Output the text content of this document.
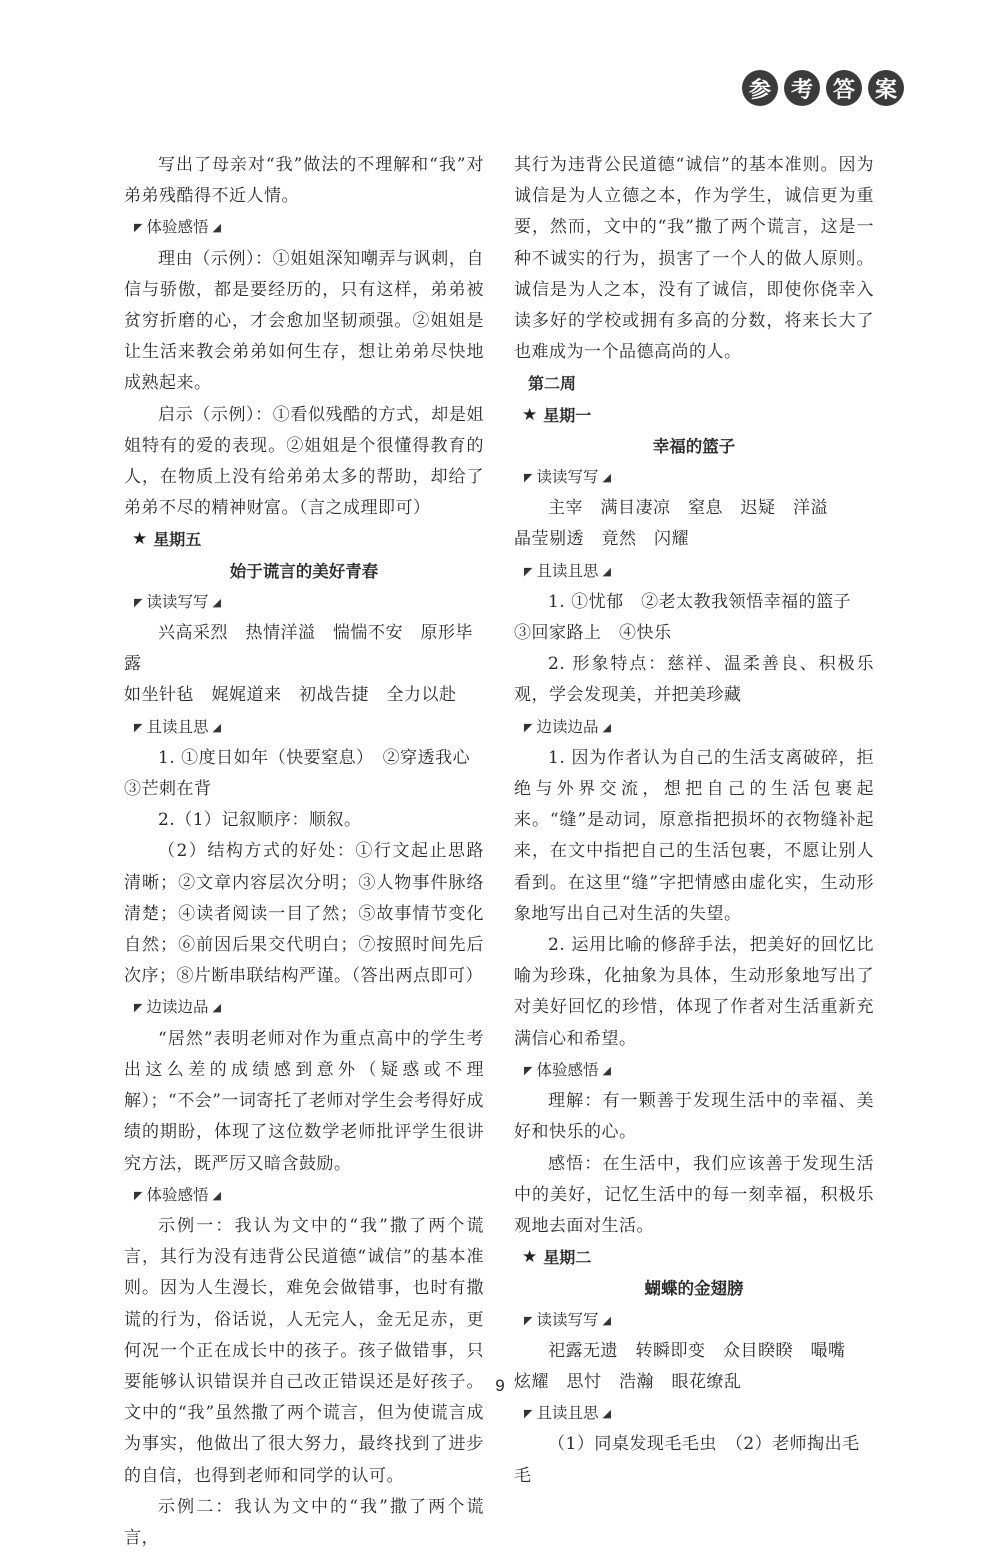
参 考 答 案

写出了母亲对“我”做法的不理解和“我”对弟弟残酷得不近人情。

◤ 体验感悟 ◢

理由（示例）：①姐姐深知嘲弄与讽刺，自信与骄傲，都是要经历的，只有这样，弟弟被贫穷折磨的心，才会愈加坚韧顽强。②姐姐是让生活来教会弟弟如何生存，想让弟弟尽快地成熟起来。

启示（示例）：①看似残酷的方式，却是姐姐特有的爱的表现。②姐姐是个很懂得教育的人，在物质上没有给弟弟太多的帮助，却给了弟弟不尽的精神财富。（言之成理即可）

★ 星期五

始于谎言的美好青春

◤ 读读写写 ◢

兴高采烈　热情洋溢　惴惴不安　原形毕露

如坐针毡　娓娓道来　初战告捷　全力以赴

◤ 且读且思 ◢

1. ①度日如年（快要窒息）　②穿透我心

③芒刺在背

2.（1）记叙顺序：顺叙。

（2）结构方式的好处：①行文起止思路清晰；②文章内容层次分明；③人物事件脉络清楚；④读者阅读一目了然；⑤故事情节变化自然；⑥前因后果交代明白；⑦按照时间先后次序；⑧片断串联结构严谨。（答出两点即可）

◤ 边读边品 ◢

“居然”表明老师对作为重点高中的学生考出这么差的成绩感到意外（疑惑或不理解）；“不会”一词寄托了老师对学生会考得好成绩的期盼，体现了这位数学老师批评学生很讲究方法，既严厉又暗含鼓励。

◤ 体验感悟 ◢

示例一：我认为文中的“我”撒了两个谎言，其行为没有违背公民道德“诚信”的基本准则。因为人生漫长，难免会做错事，也时有撒谎的行为，俗话说，人无完人，金无足赤，更何况一个正在成长中的孩子。孩子做错事，只要能够认识错误并自己改正错误还是好孩子。文中的“我”虽然撒了两个谎言，但为使谎言成为事实，他做出了很大努力，最终找到了进步的自信，也得到老师和同学的认可。

示例二：我认为文中的“我”撒了两个谎言，

其行为违背公民道德“诚信”的基本准则。因为诚信是为人立德之本，作为学生，诚信更为重要，然而，文中的“我”撒了两个谎言，这是一种不诚实的行为，损害了一个人的做人原则。诚信是为人之本，没有了诚信，即使你侥幸入读多好的学校或拥有多高的分数，将来长大了也难成为一个品德高尚的人。

第二周

★ 星期一

幸福的篮子

◤ 读读写写 ◢

主宰　满目凄凉　窒息　迟疑　洋溢

晶莹剔透　竟然　闪耀

◤ 且读且思 ◢

1. ①忧郁　②老太教我领悟幸福的篮子

③回家路上　④快乐

2. 形象特点：慈祥、温柔善良、积极乐观，学会发现美，并把美珍藏

◤ 边读边品 ◢

1. 因为作者认为自己的生活支离破碎，拒绝与外界交流，想把自己的生活包裹起来。“缝”是动词，原意指把损坏的衣物缝补起来，在文中指把自己的生活包裹，不愿让别人看到。在这里“缝”字把情感由虚化实，生动形象地写出自己对生活的失望。

2. 运用比喻的修辞手法，把美好的回忆比喻为珍珠，化抽象为具体，生动形象地写出了对美好回忆的珍惜，体现了作者对生活重新充满信心和希望。

◤ 体验感悟 ◢

理解：有一颗善于发现生活中的幸福、美好和快乐的心。

感悟：在生活中，我们应该善于发现生活中的美好，记忆生活中的每一刻幸福，积极乐观地去面对生活。

★ 星期二

蝴蝶的金翅膀

◤ 读读写写 ◢

祀露无遗　转瞬即变　众目睽睽　嘬嘴

炫耀　思忖　浩瀚　眼花缭乱

◤ 且读且思 ◢

（1）同桌发现毛毛虫　（2）老师掏出毛毛

9
